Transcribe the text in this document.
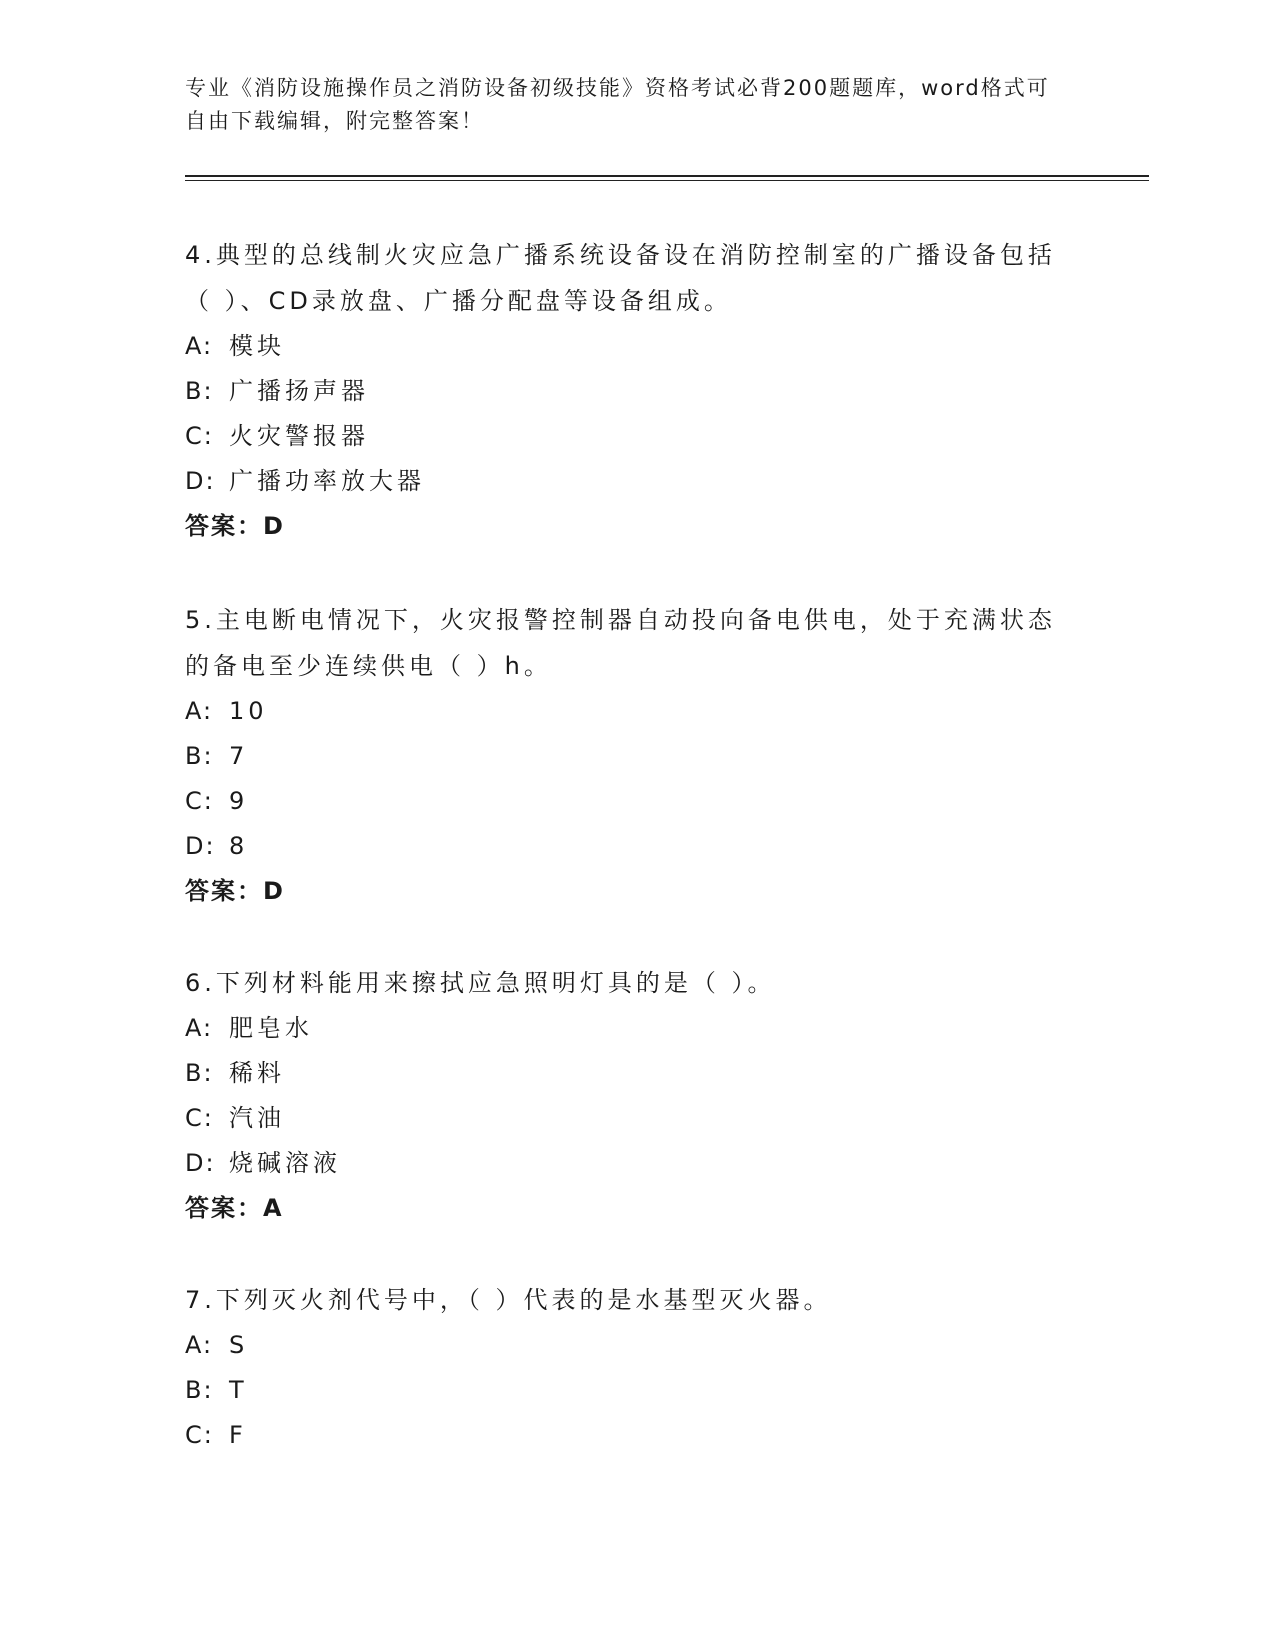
专业《消防设施操作员之消防设备初级技能》资格考试必背200题题库，word格式可自由下载编辑，附完整答案！
4.典型的总线制火灾应急广播系统设备设在消防控制室的广播设备包括（ ）、CD录放盘、广播分配盘等设备组成。
A: 模块
B: 广播扬声器
C: 火灾警报器
D: 广播功率放大器
答案：D
5.主电断电情况下，火灾报警控制器自动投向备电供电，处于充满状态的备电至少连续供电（ ）h。
A: 10
B: 7
C: 9
D: 8
答案：D
6.下列材料能用来擦拭应急照明灯具的是（ ）。
A: 肥皂水
B: 稀料
C: 汽油
D: 烧碱溶液
答案：A
7.下列灭火剂代号中，（ ）代表的是水基型灭火器。
A: S
B: T
C: F
